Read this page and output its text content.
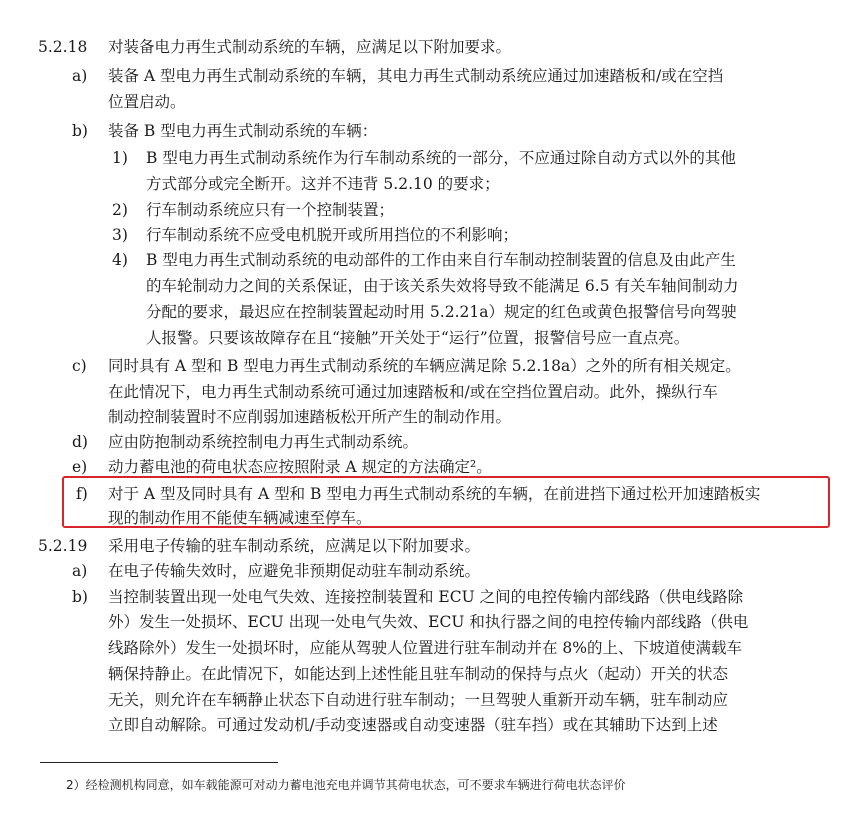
5.2.18 对装备电力再生式制动系统的车辆，应满足以下附加要求。
a) 装备 A 型电力再生式制动系统的车辆，其电力再生式制动系统应通过加速踏板和/或在空挡
位置启动。
b) 装备 B 型电力再生式制动系统的车辆：
1) B 型电力再生式制动系统作为行车制动系统的一部分，不应通过除自动方式以外的其他
方式部分或完全断开。这并不违背 5.2.10 的要求；
2) 行车制动系统应只有一个控制装置；
3) 行车制动系统不应受电机脱开或所用挡位的不利影响；
4) B 型电力再生式制动系统的电动部件的工作由来自行车制动控制装置的信息及由此产生
的车轮制动力之间的关系保证，由于该关系失效将导致不能满足 6.5 有关车轴间制动力
分配的要求，最迟应在控制装置起动时用 5.2.21a）规定的红色或黄色报警信号向驾驶
人报警。只要该故障存在且“接触”开关处于“运行”位置，报警信号应一直点亮。
c) 同时具有 A 型和 B 型电力再生式制动系统的车辆应满足除 5.2.18a）之外的所有相关规定。
在此情况下，电力再生式制动系统可通过加速踏板和/或在空挡位置启动。此外，操纵行车
制动控制装置时不应削弱加速踏板松开所产生的制动作用。
d) 应由防抱制动系统控制电力再生式制动系统。
e) 动力蓄电池的荷电状态应按照附录 A 规定的方法确定²。
f) 对于 A 型及同时具有 A 型和 B 型电力再生式制动系统的车辆，在前进挡下通过松开加速踏板实
现的制动作用不能使车辆减速至停车。
5.2.19 采用电子传输的驻车制动系统，应满足以下附加要求。
a) 在电子传输失效时，应避免非预期促动驻车制动系统。
b) 当控制装置出现一处电气失效、连接控制装置和 ECU 之间的电控传输内部线路（供电线路除
外）发生一处损坏、ECU 出现一处电气失效、ECU 和执行器之间的电控传输内部线路（供电
线路除外）发生一处损坏时，应能从驾驶人位置进行驻车制动并在 8%的上、下坡道使满载车
辆保持静止。在此情况下，如能达到上述性能且驻车制动的保持与点火（起动）开关的状态
无关，则允许在车辆静止状态下自动进行驻车制动；一旦驾驶人重新开动车辆，驻车制动应
立即自动解除。可通过发动机/手动变速器或自动变速器（驻车挡）或在其辅助下达到上述
2）经检测机构同意，如车载能源可对动力蓄电池充电并调节其荷电状态，可不要求车辆进行荷电状态评价
